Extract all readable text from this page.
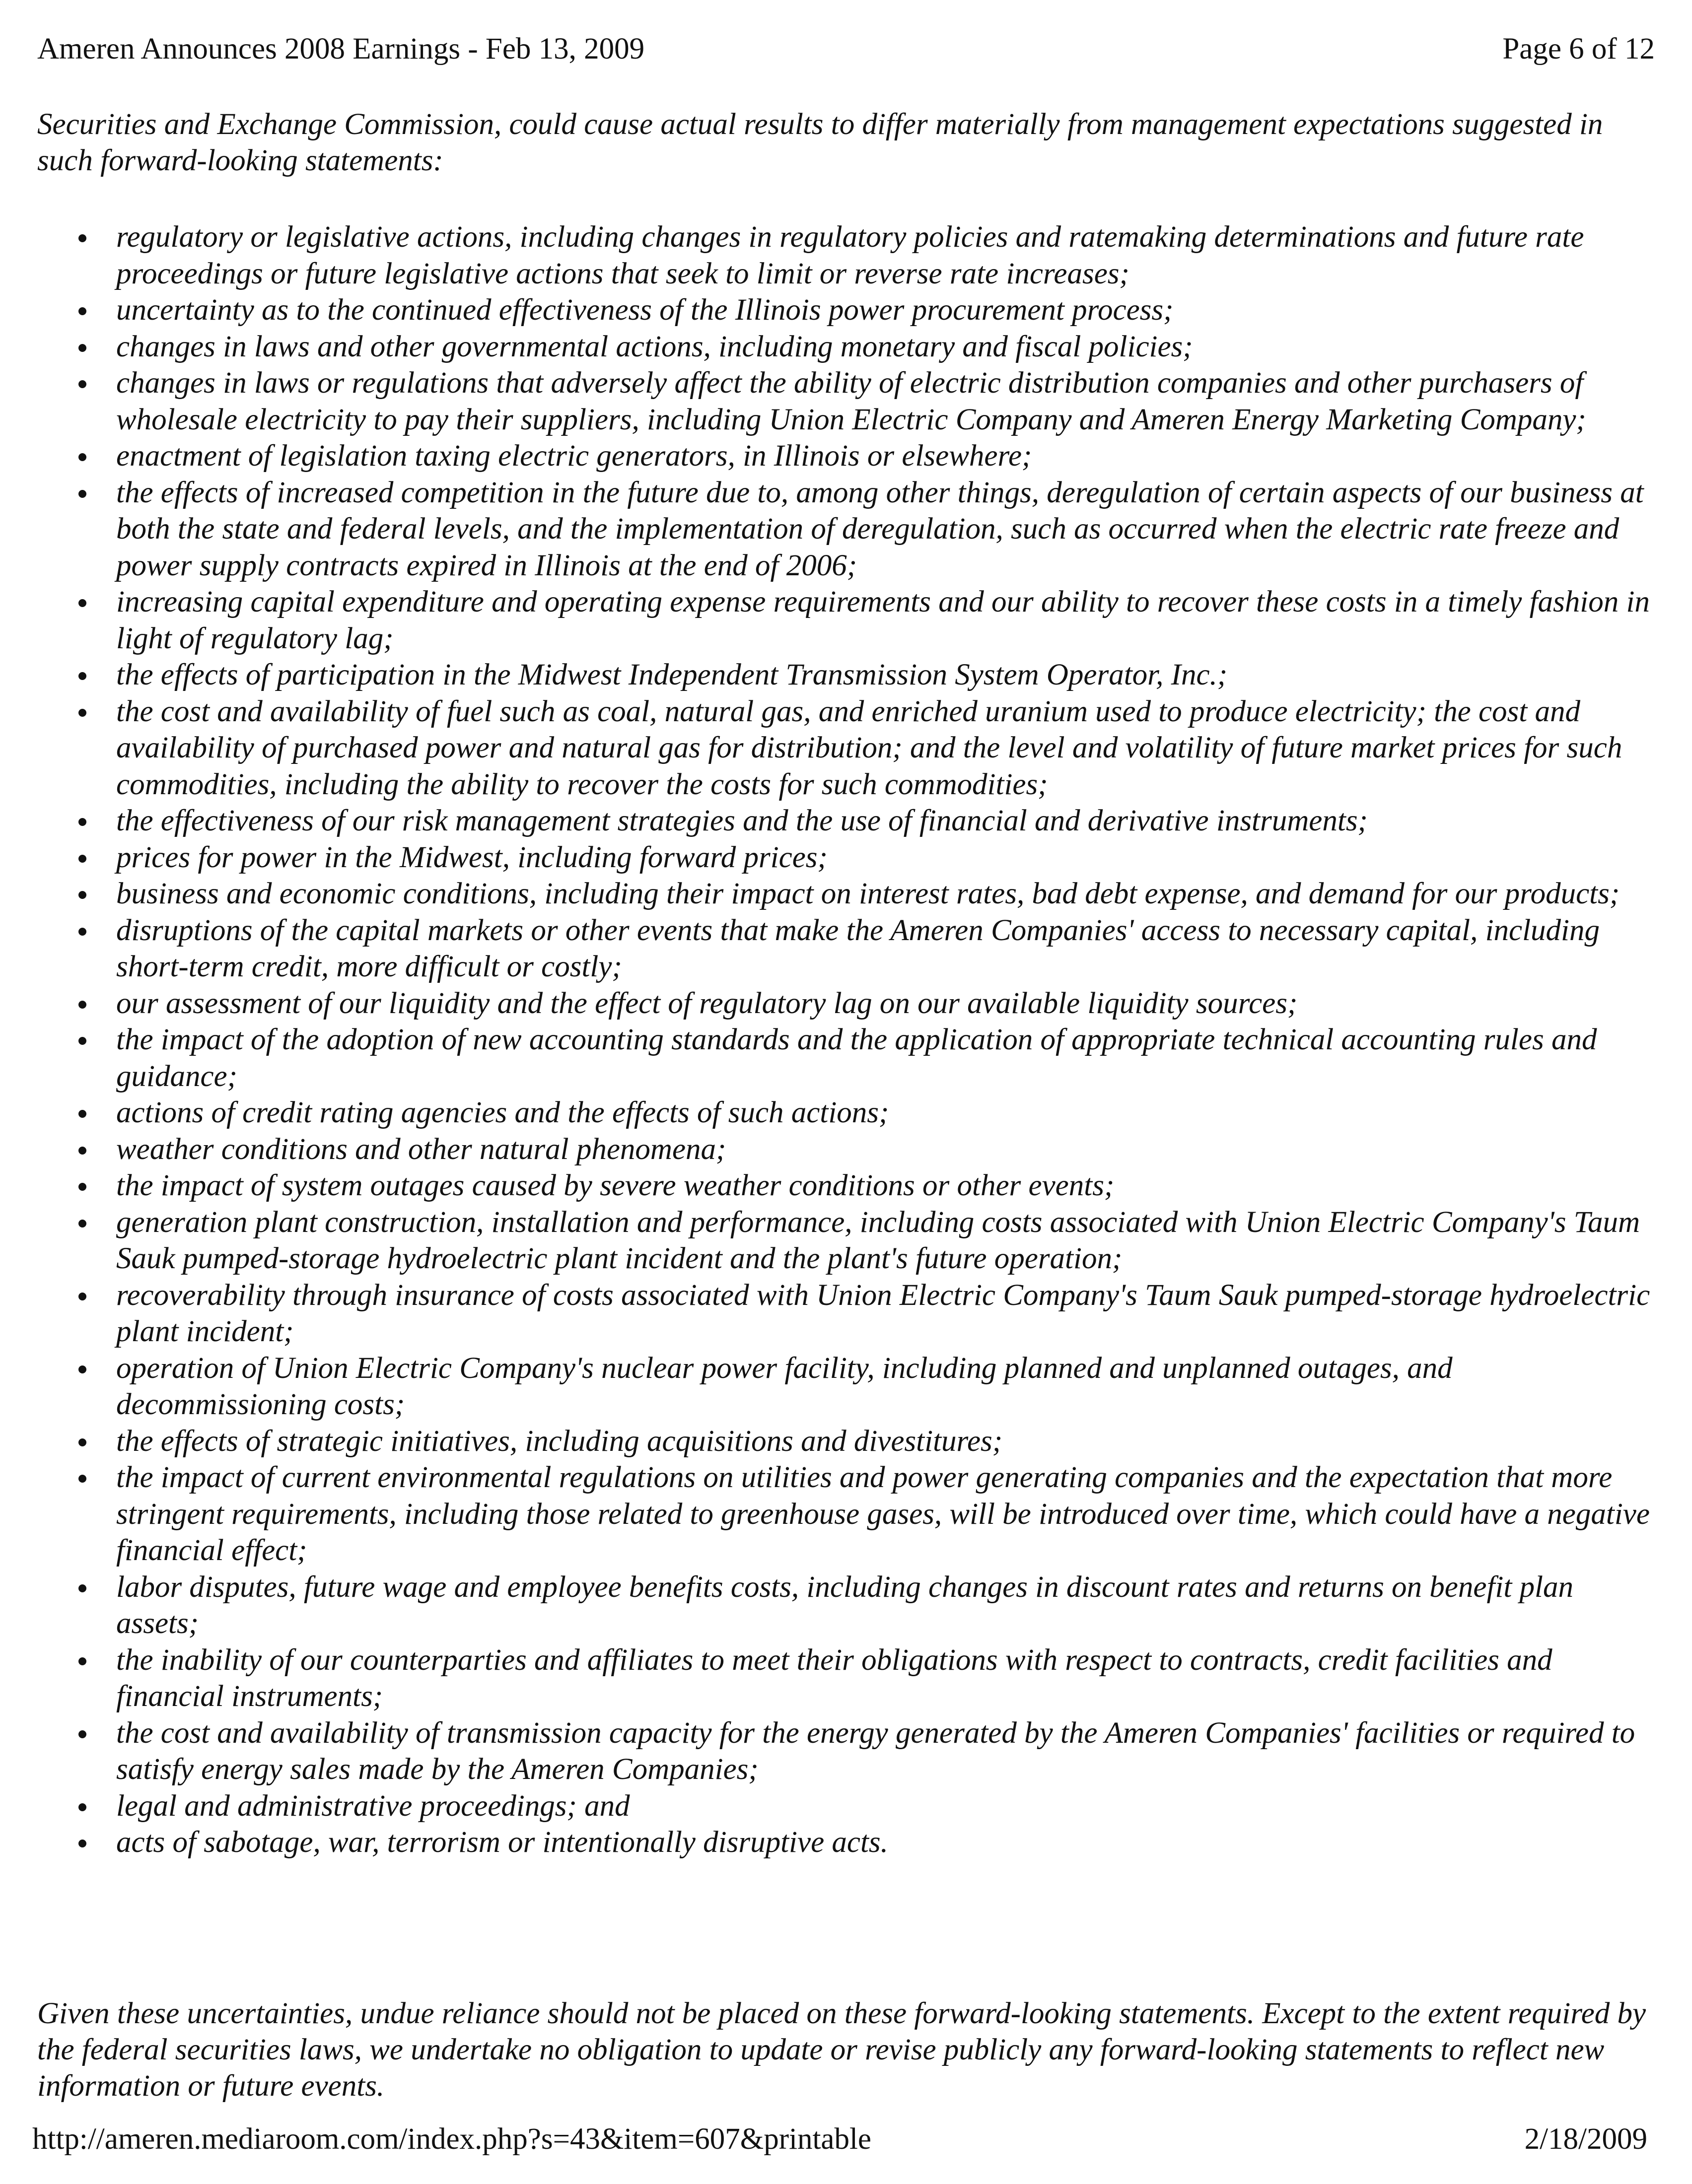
Ameren Announces 2008 Earnings - Feb 13, 2009	Page 6 of 12
Securities and Exchange Commission, could cause actual results to differ materially from management expectations suggested in such forward-looking statements:
regulatory or legislative actions, including changes in regulatory policies and ratemaking determinations and future rate proceedings or future legislative actions that seek to limit or reverse rate increases;
uncertainty as to the continued effectiveness of the Illinois power procurement process;
changes in laws and other governmental actions, including monetary and fiscal policies;
changes in laws or regulations that adversely affect the ability of electric distribution companies and other purchasers of wholesale electricity to pay their suppliers, including Union Electric Company and Ameren Energy Marketing Company;
enactment of legislation taxing electric generators, in Illinois or elsewhere;
the effects of increased competition in the future due to, among other things, deregulation of certain aspects of our business at both the state and federal levels, and the implementation of deregulation, such as occurred when the electric rate freeze and power supply contracts expired in Illinois at the end of 2006;
increasing capital expenditure and operating expense requirements and our ability to recover these costs in a timely fashion in light of regulatory lag;
the effects of participation in the Midwest Independent Transmission System Operator, Inc.;
the cost and availability of fuel such as coal, natural gas, and enriched uranium used to produce electricity; the cost and availability of purchased power and natural gas for distribution; and the level and volatility of future market prices for such commodities, including the ability to recover the costs for such commodities;
the effectiveness of our risk management strategies and the use of financial and derivative instruments;
prices for power in the Midwest, including forward prices;
business and economic conditions, including their impact on interest rates, bad debt expense, and demand for our products;
disruptions of the capital markets or other events that make the Ameren Companies' access to necessary capital, including short-term credit, more difficult or costly;
our assessment of our liquidity and the effect of regulatory lag on our available liquidity sources;
the impact of the adoption of new accounting standards and the application of appropriate technical accounting rules and guidance;
actions of credit rating agencies and the effects of such actions;
weather conditions and other natural phenomena;
the impact of system outages caused by severe weather conditions or other events;
generation plant construction, installation and performance, including costs associated with Union Electric Company's Taum Sauk pumped-storage hydroelectric plant incident and the plant's future operation;
recoverability through insurance of costs associated with Union Electric Company's Taum Sauk pumped-storage hydroelectric plant incident;
operation of Union Electric Company's nuclear power facility, including planned and unplanned outages, and decommissioning costs;
the effects of strategic initiatives, including acquisitions and divestitures;
the impact of current environmental regulations on utilities and power generating companies and the expectation that more stringent requirements, including those related to greenhouse gases, will be introduced over time, which could have a negative financial effect;
labor disputes, future wage and employee benefits costs, including changes in discount rates and returns on benefit plan assets;
the inability of our counterparties and affiliates to meet their obligations with respect to contracts, credit facilities and financial instruments;
the cost and availability of transmission capacity for the energy generated by the Ameren Companies' facilities or required to satisfy energy sales made by the Ameren Companies;
legal and administrative proceedings; and
acts of sabotage, war, terrorism or intentionally disruptive acts.
Given these uncertainties, undue reliance should not be placed on these forward-looking statements. Except to the extent required by the federal securities laws, we undertake no obligation to update or revise publicly any forward-looking statements to reflect new information or future events.
http://ameren.mediaroom.com/index.php?s=43&item=607&printable	2/18/2009
